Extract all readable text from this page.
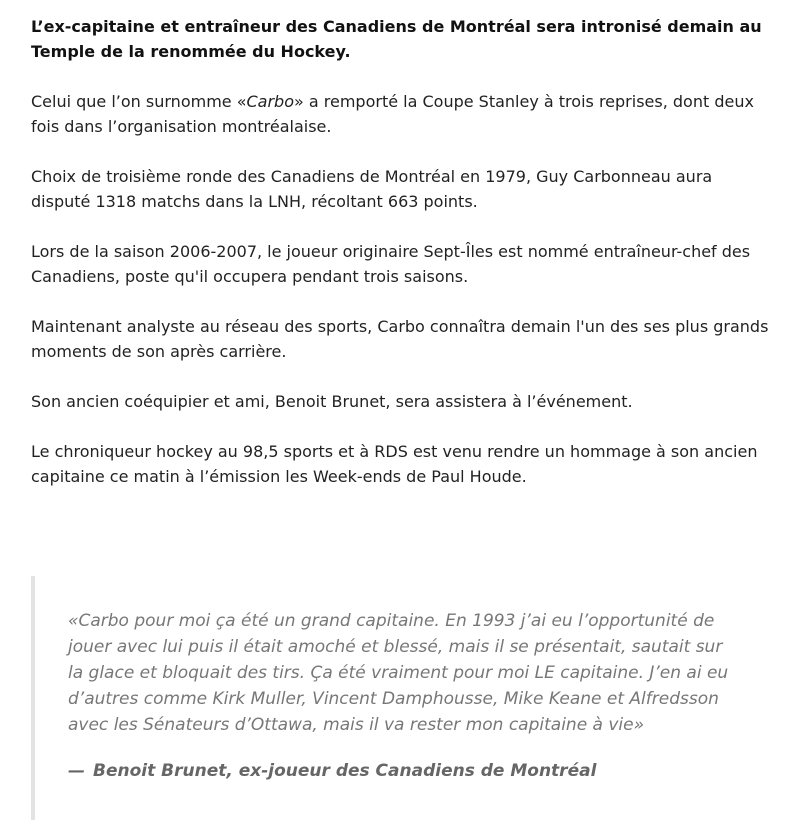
L’ex-capitaine et entraîneur des Canadiens de Montréal sera intronisé demain au Temple de la renommée du Hockey.

Celui que l’on surnomme «Carbo» a remporté la Coupe Stanley à trois reprises, dont deux fois dans l’organisation montréalaise.

Choix de troisième ronde des Canadiens de Montréal en 1979, Guy Carbonneau aura disputé 1318 matchs dans la LNH, récoltant 663 points.

Lors de la saison 2006-2007, le joueur originaire Sept-Îles est nommé entraîneur-chef des Canadiens, poste qu'il occupera pendant trois saisons.

Maintenant analyste au réseau des sports, Carbo connaîtra demain l'un des ses plus grands moments de son après carrière.

Son ancien coéquipier et ami, Benoit Brunet, sera assistera à l’événement.

Le chroniqueur hockey au 98,5 sports et à RDS est venu rendre un hommage à son ancien capitaine ce matin à l’émission les Week-ends de Paul Houde.

«Carbo pour moi ça été un grand capitaine. En 1993 j’ai eu l’opportunité de jouer avec lui puis il était amoché et blessé, mais il se présentait, sautait sur la glace et bloquait des tirs. Ça été vraiment pour moi LE capitaine. J’en ai eu d’autres comme Kirk Muller, Vincent Damphousse, Mike Keane et Alfredsson avec les Sénateurs d’Ottawa, mais il va rester mon capitaine à vie»

— Benoit Brunet, ex-joueur des Canadiens de Montréal
